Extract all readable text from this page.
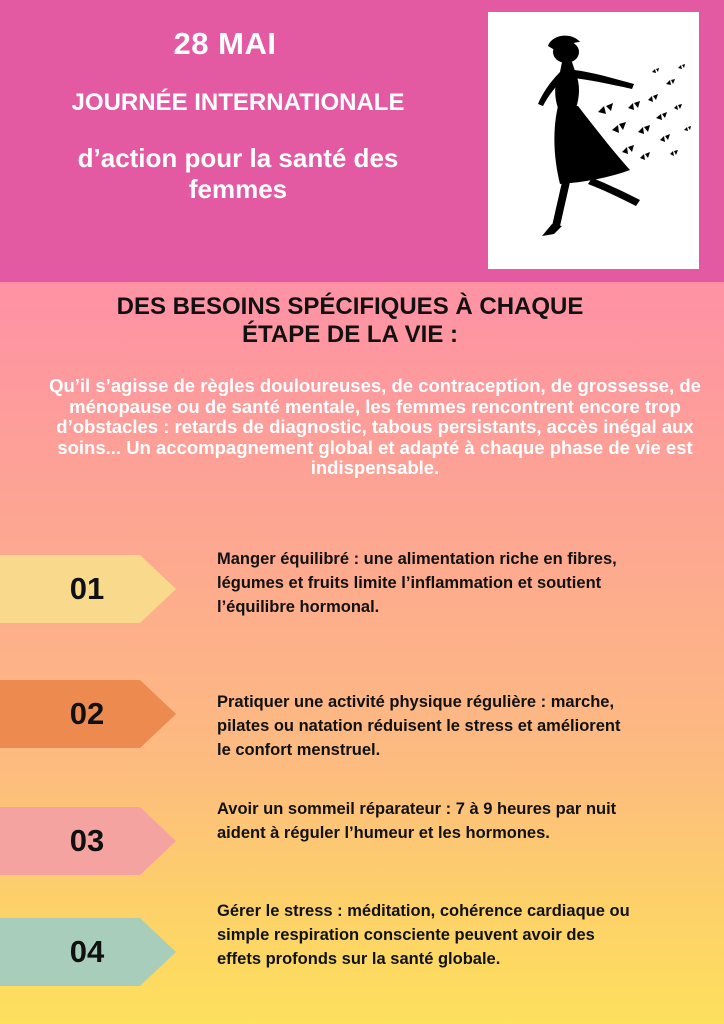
28 MAI
JOURNÉE INTERNATIONALE
d’action pour la santé des femmes
DES BESOINS SPÉCIFIQUES À CHAQUE ÉTAPE DE LA VIE :
Qu’il s’agisse de règles douloureuses, de contraception, de grossesse, de ménopause ou de santé mentale, les femmes rencontrent encore trop d’obstacles : retards de diagnostic, tabous persistants, accès inégal aux soins... Un accompagnement global et adapté à chaque phase de vie est indispensable.
01
Manger équilibré : une alimentation riche en fibres, légumes et fruits limite l’inflammation et soutient l’équilibre hormonal.
02	Pratiquer une activité physique régulière : marche, pilates ou natation réduisent le stress et améliorent le confort menstruel.
03
Avoir un sommeil réparateur : 7 à 9 heures par nuit aident à réguler l’humeur et les hormones.
04
Gérer le stress : méditation, cohérence cardiaque ou simple respiration consciente peuvent avoir des effets profonds sur la santé globale.
